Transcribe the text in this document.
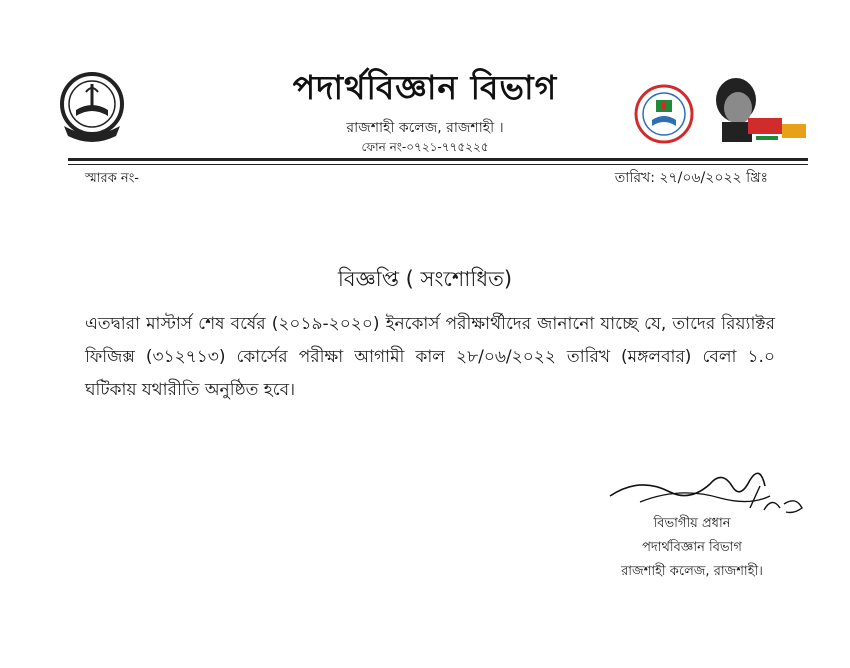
পদার্থবিজ্ঞান বিভাগ
রাজশাহী কলেজ, রাজশাহী ।
ফোন নং-০৭২১-৭৭৫২২৫
স্মারক নং-	তারিখ: ২৭/০৬/২০২২ খ্রিঃ
বিজ্ঞপ্তি ( সংশোধিত)
এতদ্বারা মাস্টার্স শেষ বর্ষের (২০১৯-২০২০) ইনকোর্স পরীক্ষার্থীদের জানানো যাচ্ছে যে, তাদের রিয়্যাক্টর ফিজিক্স (৩১২৭১৩) কোর্সের পরীক্ষা আগামী কাল ২৮/০৬/২০২২ তারিখ (মঙ্গলবার) বেলা ১.০ ঘটিকায় যথারীতি অনুষ্ঠিত হবে।
বিভাগীয় প্রধান
পদার্থবিজ্ঞান বিভাগ
রাজশাহী কলেজ, রাজশাহী।
